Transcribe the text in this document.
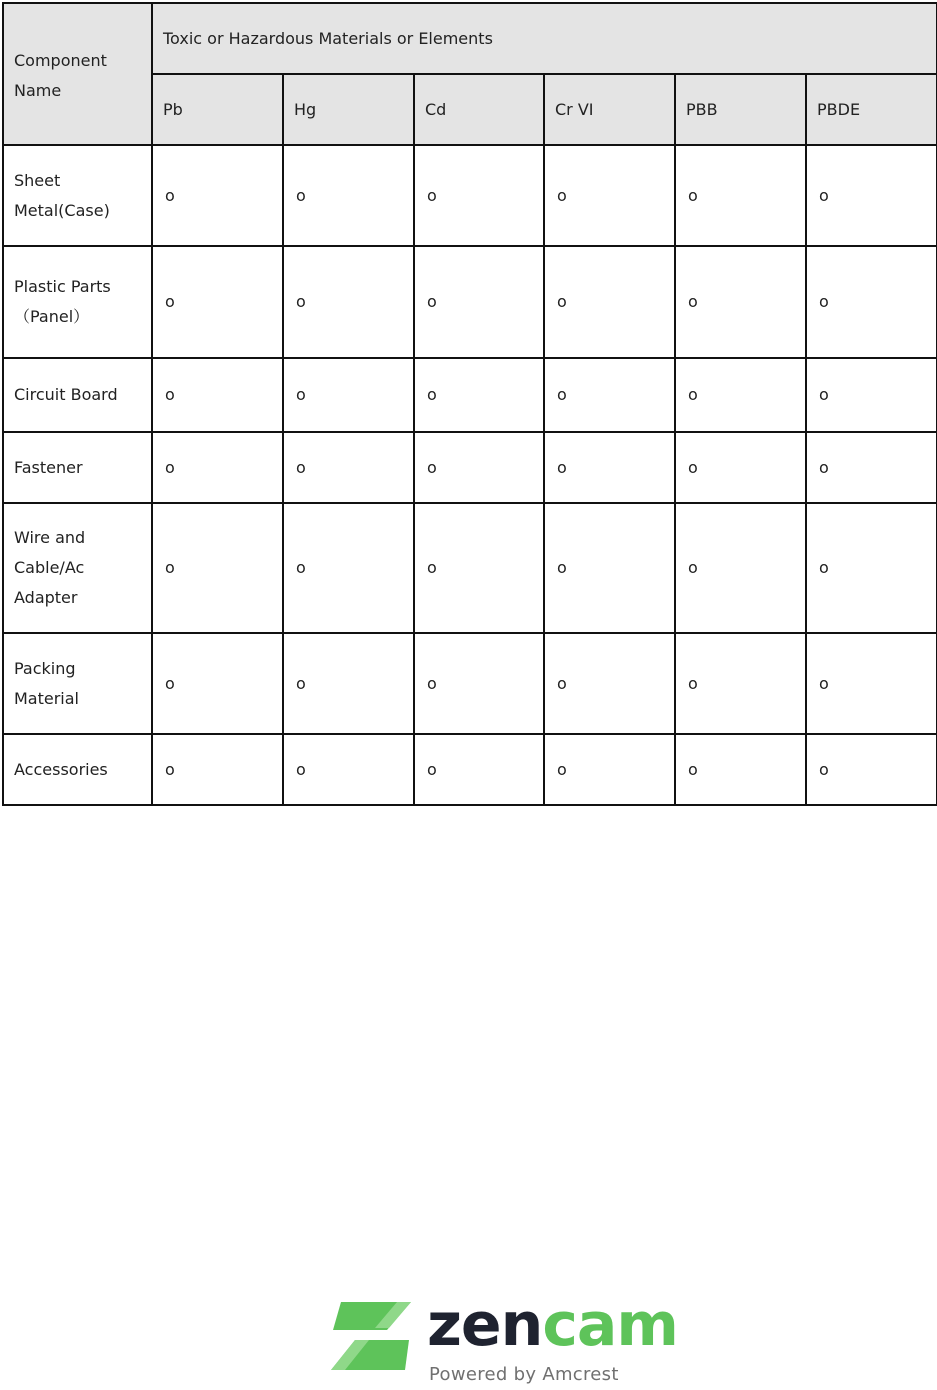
Component
Name	Toxic or Hazardous Materials or Elements					
	Pb	Hg	Cd	Cr VI	PBB	PBDE
Sheet
Metal(Case)	o	o	o	o	o	o
Plastic Parts
（Panel）	o	o	o	o	o	o
Circuit Board	o	o	o	o	o	o
Fastener	o	o	o	o	o	o
Wire and
Cable/Ac
Adapter	o	o	o	o	o	o
Packing
Material	o	o	o	o	o	o
Accessories	o	o	o	o	o	o
zencam
Powered by Amcrest
